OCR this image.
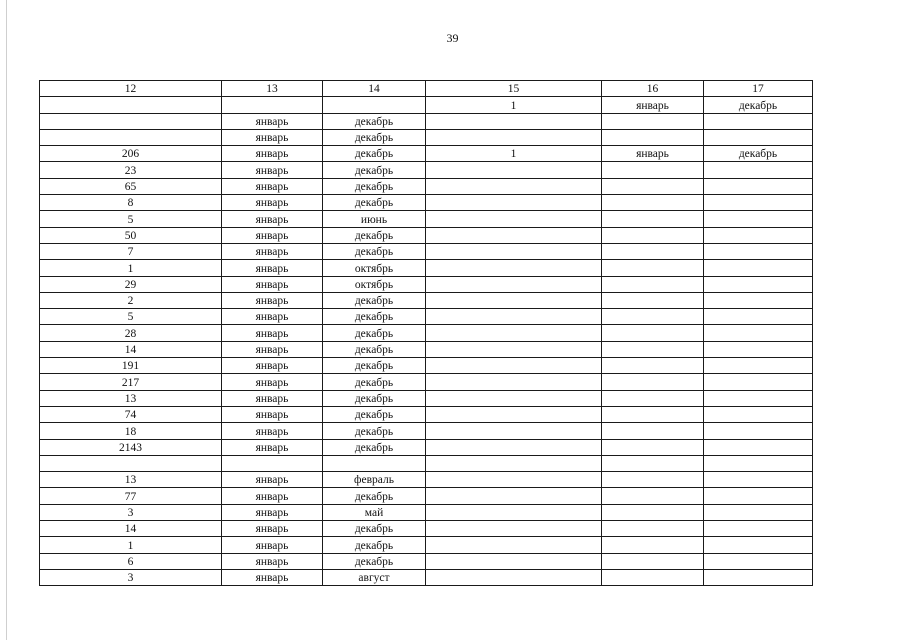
39
12	13	14	15	16	17
			1	январь	декабрь
	январь	декабрь			
	январь	декабрь			
206	январь	декабрь	1	январь	декабрь
23	январь	декабрь			
65	январь	декабрь			
8	январь	декабрь			
5	январь	июнь			
50	январь	декабрь			
7	январь	декабрь			
1	январь	октябрь			
29	январь	октябрь			
2	январь	декабрь			
5	январь	декабрь			
28	январь	декабрь			
14	январь	декабрь			
191	январь	декабрь			
217	январь	декабрь			
13	январь	декабрь			
74	январь	декабрь			
18	январь	декабрь			
2143	январь	декабрь			

13	январь	февраль			
77	январь	декабрь			
3	январь	май			
14	январь	декабрь			
1	январь	декабрь			
6	январь	декабрь			
3	январь	август			
